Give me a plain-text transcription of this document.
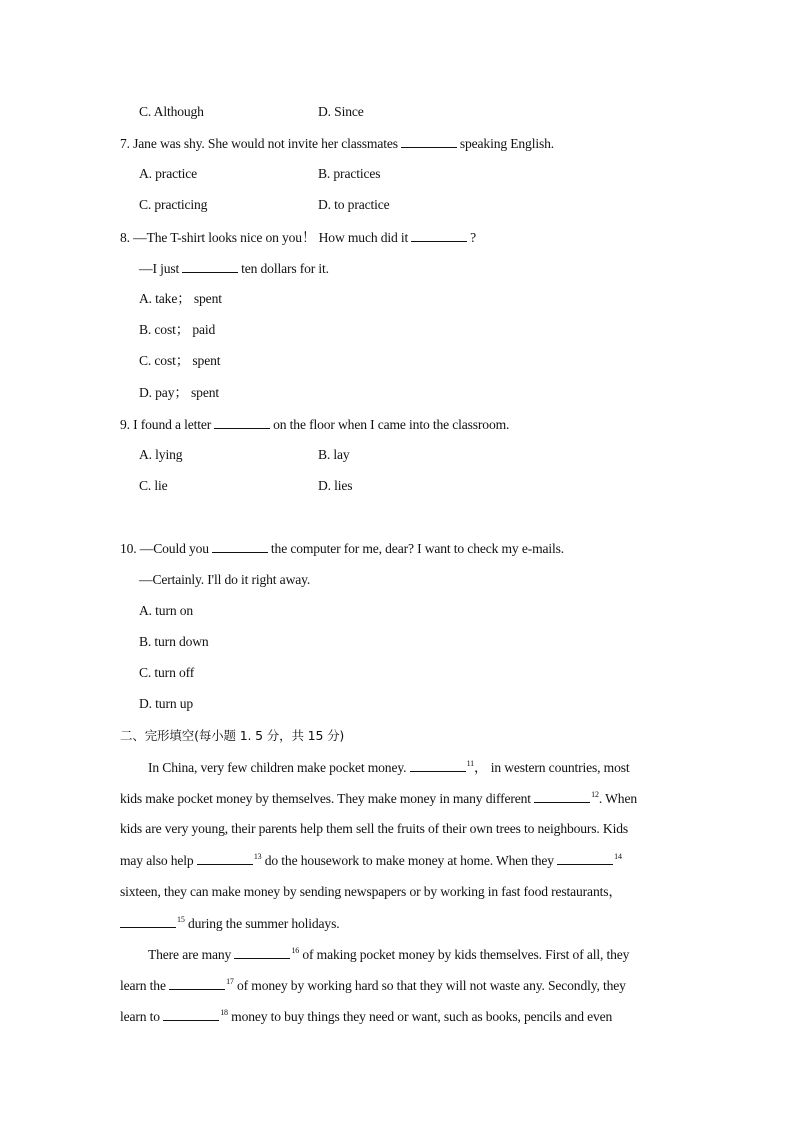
C. Although	D. Since
7. Jane was shy. She would not invite her classmates	speaking English.
A. practice	B. practices
C. practicing	D. to practice
8. —The T-shirt looks nice on you！ How much did it	?
—I just	ten dollars for it.
A. take； spent
B. cost； paid
C. cost； spent
D. pay； spent
9. I found a letter	on the floor when I came into the classroom.
A. lying	B. lay
C. lie	D. lies
10. —Could you	the computer for me, dear? I want to check my e-mails.
—Certainly. I'll do it right away.
A. turn on
B. turn down
C. turn off
D. turn up
二、完形填空(每小题 1. 5 分，共 15 分)
In China, very few children make pocket money.	$^{11}$， in western countries, most
kids make pocket money by themselves. They make money in many different	$^{12}$. When
kids are very young, their parents help them sell the fruits of their own trees to neighbours. Kids
may also help	$^{13}$ do the housework to make money at home. When they	$^{14}$
sixteen, they can make money by sending newspapers or by working in fast food restaurants，
$^{15}$ during the summer holidays.
There are many	$^{16}$ of making pocket money by kids themselves. First of all, they
learn the	$^{17}$ of money by working hard so that they will not waste any. Secondly, they
learn to	$^{18}$ money to buy things they need or want, such as books, pencils and even
